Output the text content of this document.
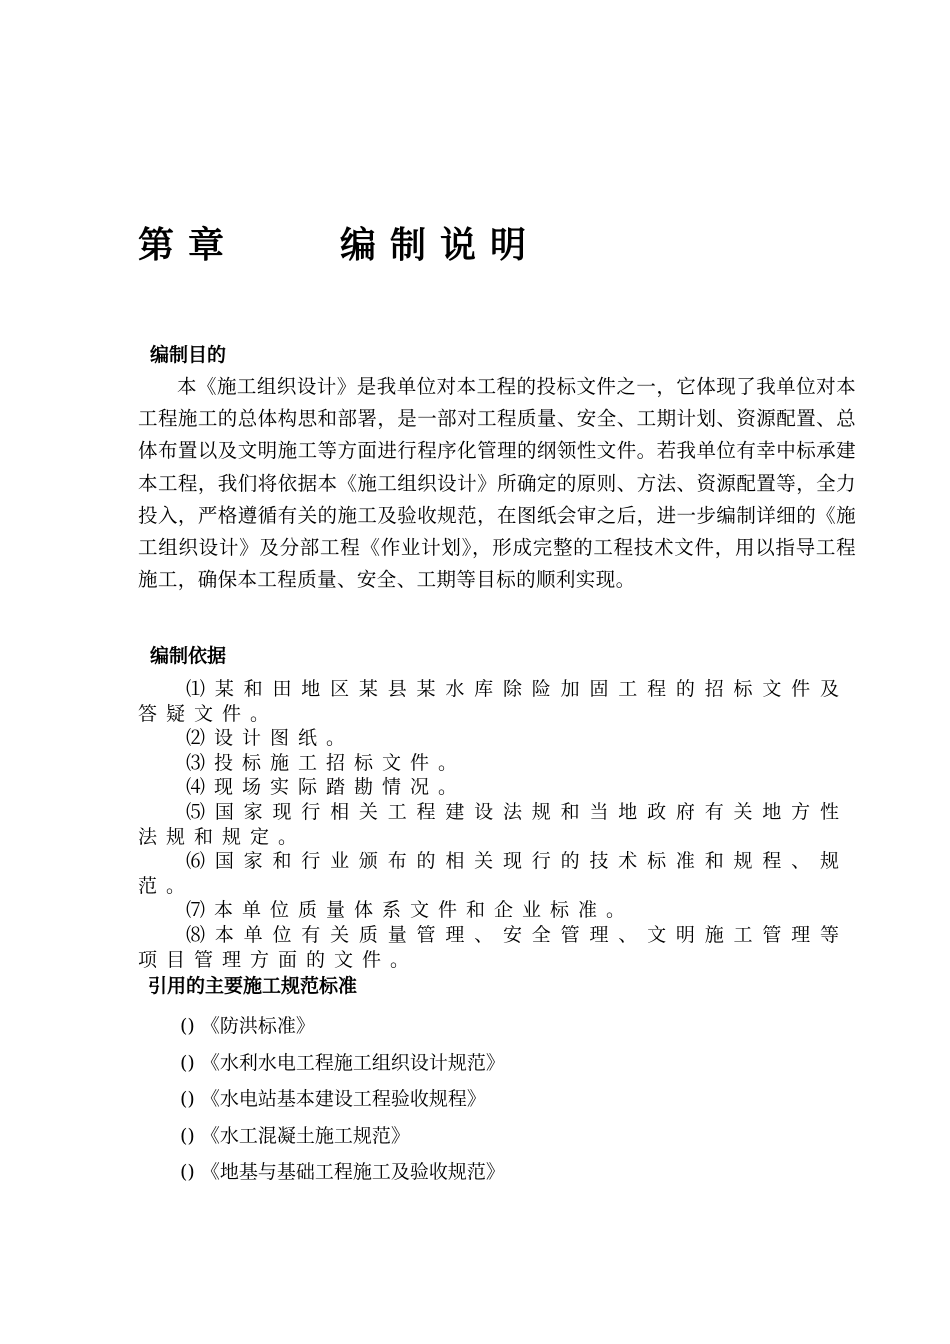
第章	编制说明
编制目的
本《施工组织设计》是我单位对本工程的投标文件之一，它体现了我单位对本工程施工的总体构思和部署，是一部对工程质量、安全、工期计划、资源配置、总体布置以及文明施工等方面进行程序化管理的纲领性文件。若我单位有幸中标承建本工程，我们将依据本《施工组织设计》所确定的原则、方法、资源配置等，全力投入，严格遵循有关的施工及验收规范，在图纸会审之后，进一步编制详细的《施工组织设计》及分部工程《作业计划》，形成完整的工程技术文件，用以指导工程施工，确保本工程质量、安全、工期等目标的顺利实现。
编制依据
⑴某和田地区某县某水库除险加固工程的招标文件及答疑文件。
⑵设计图纸。
⑶投标施工招标文件。
⑷现场实际踏勘情况。
⑸国家现行相关工程建设法规和当地政府有关地方性法规和规定。
⑹国家和行业颁布的相关现行的技术标准和规程、规范。
⑺本单位质量体系文件和企业标准。
⑻本单位有关质量管理、安全管理、文明施工管理等项目管理方面的文件。
引用的主要施工规范标准
() 《防洪标准》
() 《水利水电工程施工组织设计规范》
() 《水电站基本建设工程验收规程》
() 《水工混凝土施工规范》
() 《地基与基础工程施工及验收规范》
